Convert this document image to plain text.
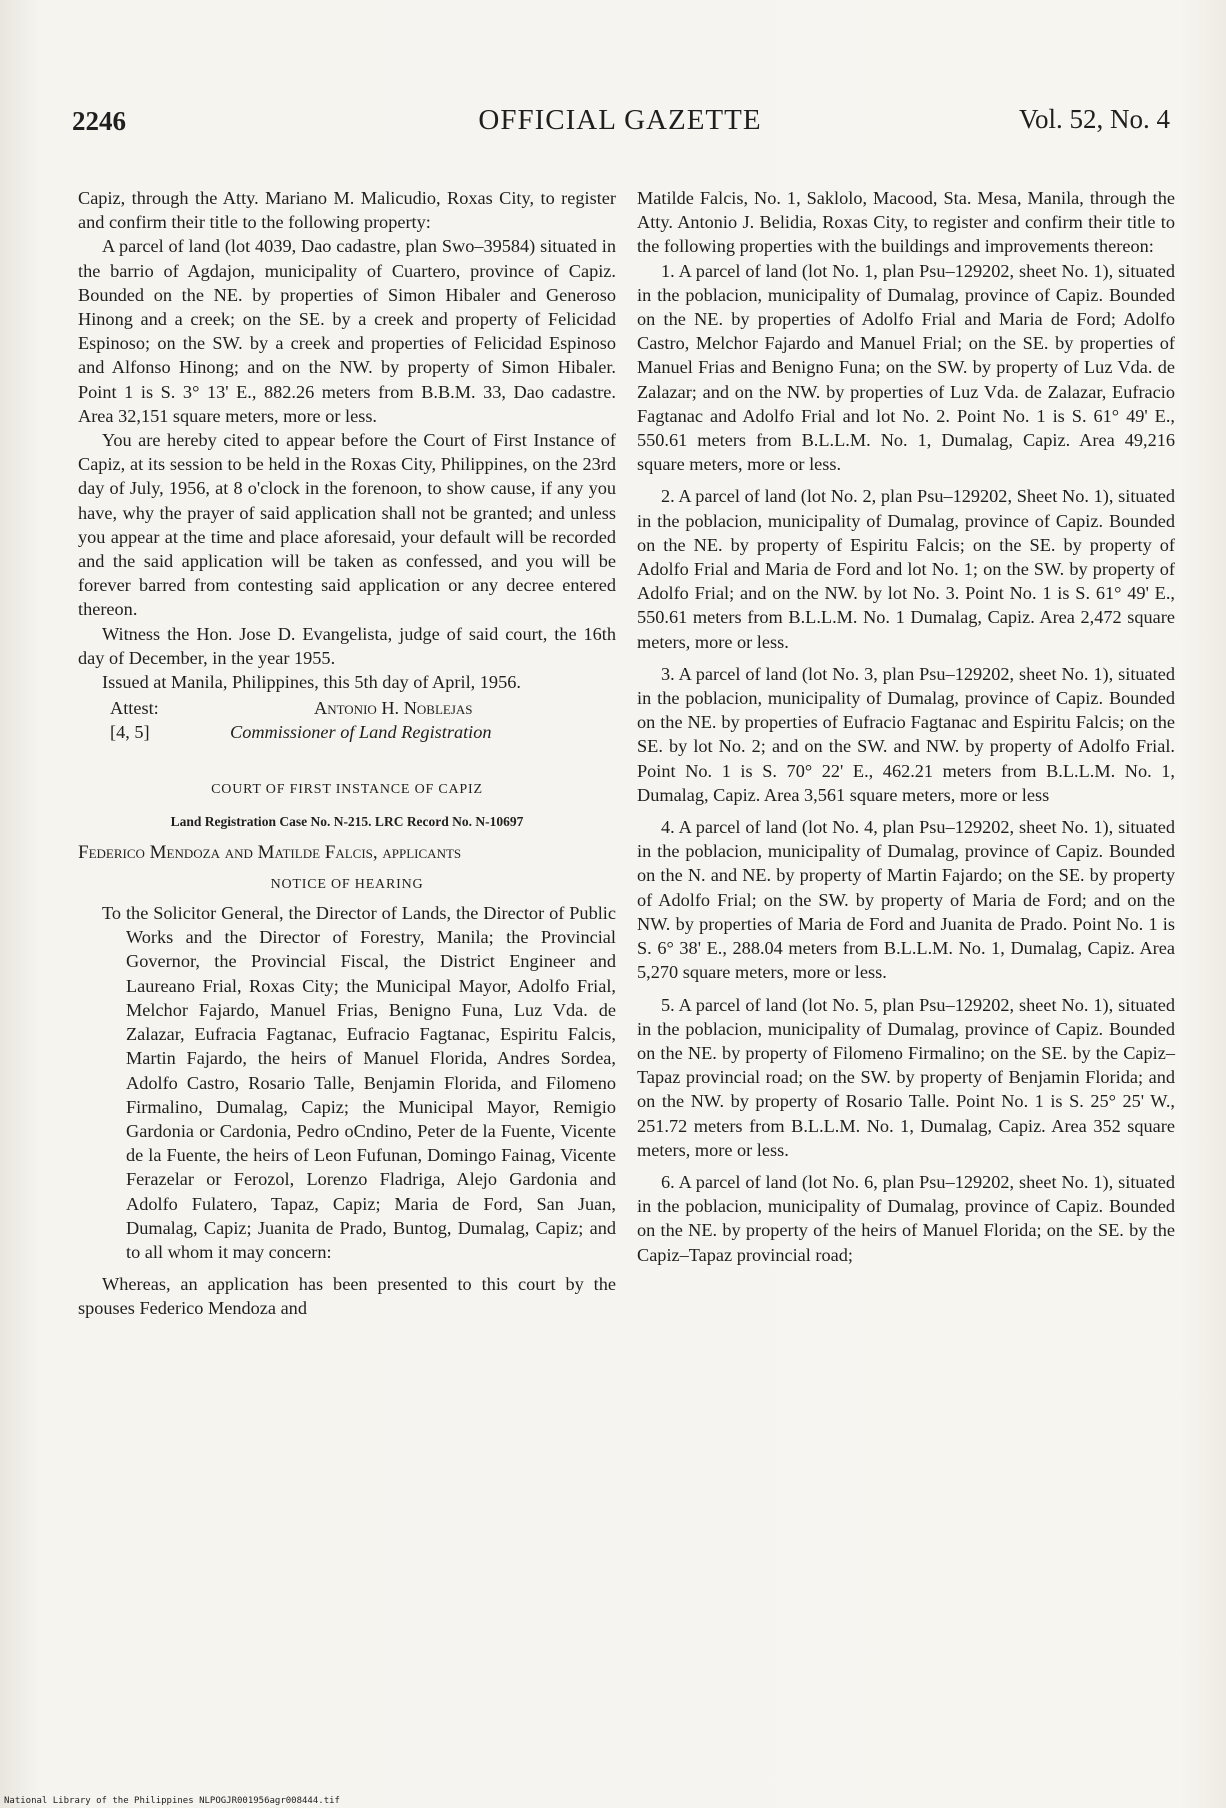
2246	OFFICIAL GAZETTE	Vol. 52, No. 4

Capiz, through the Atty. Mariano M. Malicudio, Roxas City, to register and confirm their title to the following property:

A parcel of land (lot 4039, Dao cadastre, plan Swo–39584) situated in the barrio of Agdajon, municipality of Cuartero, province of Capiz. Bounded on the NE. by properties of Simon Hibaler and Generoso Hinong and a creek; on the SE. by a creek and property of Felicidad Espinoso; on the SW. by a creek and properties of Felicidad Espinoso and Alfonso Hinong; and on the NW. by property of Simon Hibaler. Point 1 is S. 3° 13' E., 882.26 meters from B.B.M. 33, Dao cadastre. Area 32,151 square meters, more or less.

You are hereby cited to appear before the Court of First Instance of Capiz, at its session to be held in the Roxas City, Philippines, on the 23rd day of July, 1956, at 8 o'clock in the forenoon, to show cause, if any you have, why the prayer of said application shall not be granted; and unless you appear at the time and place aforesaid, your default will be recorded and the said application will be taken as confessed, and you will be forever barred from contesting said application or any decree entered thereon.

Witness the Hon. Jose D. Evangelista, judge of said court, the 16th day of December, in the year 1955.

Issued at Manila, Philippines, this 5th day of April, 1956.

Attest:	Antonio H. Noblejas
[4, 5]	Commissioner of Land Registration
COURT OF FIRST INSTANCE OF CAPIZ
Land Registration Case No. N-215. LRC Record No. N-10697
Federico Mendoza and Matilde Falcis, applicants
NOTICE OF HEARING

To the Solicitor General, the Director of Lands, the Director of Public Works and the Director of Forestry, Manila; the Provincial Governor, the Provincial Fiscal, the District Engineer and Laureano Frial, Roxas City; the Municipal Mayor, Adolfo Frial, Melchor Fajardo, Manuel Frias, Benigno Funa, Luz Vda. de Zalazar, Eufracia Fagtanac, Eufracio Fagtanac, Espiritu Falcis, Martin Fajardo, the heirs of Manuel Florida, Andres Sordea, Adolfo Castro, Rosario Talle, Benjamin Florida, and Filomeno Firmalino, Dumalag, Capiz; the Municipal Mayor, Remigio Gardonia or Cardonia, Pedro oCndino, Peter de la Fuente, Vicente de la Fuente, the heirs of Leon Fufunan, Domingo Fainag, Vicente Ferazelar or Ferozol, Lorenzo Fladriga, Alejo Gardonia and Adolfo Fulatero, Tapaz, Capiz; Maria de Ford, San Juan, Dumalag, Capiz; Juanita de Prado, Buntog, Dumalag, Capiz; and to all whom it may concern:

Whereas, an application has been presented to this court by the spouses Federico Mendoza and

Matilde Falcis, No. 1, Saklolo, Macood, Sta. Mesa, Manila, through the Atty. Antonio J. Belidia, Roxas City, to register and confirm their title to the following properties with the buildings and improvements thereon:

1. A parcel of land (lot No. 1, plan Psu–129202, sheet No. 1), situated in the poblacion, municipality of Dumalag, province of Capiz. Bounded on the NE. by properties of Adolfo Frial and Maria de Ford; Adolfo Castro, Melchor Fajardo and Manuel Frial; on the SE. by properties of Manuel Frias and Benigno Funa; on the SW. by property of Luz Vda. de Zalazar; and on the NW. by properties of Luz Vda. de Zalazar, Eufracio Fagtanac and Adolfo Frial and lot No. 2. Point No. 1 is S. 61° 49' E., 550.61 meters from B.L.L.M. No. 1, Dumalag, Capiz. Area 49,216 square meters, more or less.

2. A parcel of land (lot No. 2, plan Psu–129202, Sheet No. 1), situated in the poblacion, municipality of Dumalag, province of Capiz. Bounded on the NE. by property of Espiritu Falcis; on the SE. by property of Adolfo Frial and Maria de Ford and lot No. 1; on the SW. by property of Adolfo Frial; and on the NW. by lot No. 3. Point No. 1 is S. 61° 49' E., 550.61 meters from B.L.L.M. No. 1 Dumalag, Capiz. Area 2,472 square meters, more or less.

3. A parcel of land (lot No. 3, plan Psu–129202, sheet No. 1), situated in the poblacion, municipality of Dumalag, province of Capiz. Bounded on the NE. by properties of Eufracio Fagtanac and Espiritu Falcis; on the SE. by lot No. 2; and on the SW. and NW. by property of Adolfo Frial. Point No. 1 is S. 70° 22' E., 462.21 meters from B.L.L.M. No. 1, Dumalag, Capiz. Area 3,561 square meters, more or less

4. A parcel of land (lot No. 4, plan Psu–129202, sheet No. 1), situated in the poblacion, municipality of Dumalag, province of Capiz. Bounded on the N. and NE. by property of Martin Fajardo; on the SE. by property of Adolfo Frial; on the SW. by property of Maria de Ford; and on the NW. by properties of Maria de Ford and Juanita de Prado. Point No. 1 is S. 6° 38' E., 288.04 meters from B.L.L.M. No. 1, Dumalag, Capiz. Area 5,270 square meters, more or less.

5. A parcel of land (lot No. 5, plan Psu–129202, sheet No. 1), situated in the poblacion, municipality of Dumalag, province of Capiz. Bounded on the NE. by property of Filomeno Firmalino; on the SE. by the Capiz–Tapaz provincial road; on the SW. by property of Benjamin Florida; and on the NW. by property of Rosario Talle. Point No. 1 is S. 25° 25' W., 251.72 meters from B.L.L.M. No. 1, Dumalag, Capiz. Area 352 square meters, more or less.

6. A parcel of land (lot No. 6, plan Psu–129202, sheet No. 1), situated in the poblacion, municipality of Dumalag, province of Capiz. Bounded on the NE. by property of the heirs of Manuel Florida; on the SE. by the Capiz–Tapaz provincial road;

National Library of the Philippines NLPOGJR001956agr008444.tif
